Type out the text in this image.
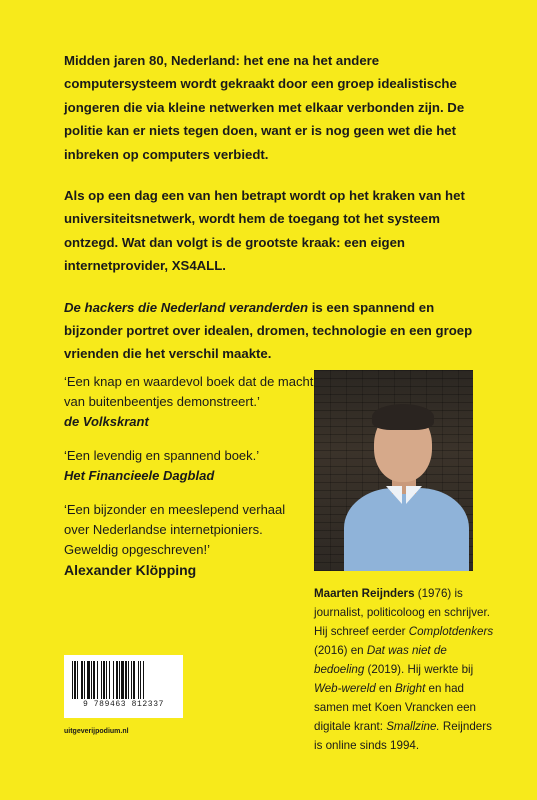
Midden jaren 80, Nederland: het ene na het andere computersysteem wordt gekraakt door een groep idealistische jongeren die via kleine netwerken met elkaar verbonden zijn. De politie kan er niets tegen doen, want er is nog geen wet die het inbreken op computers verbiedt.

Als op een dag een van hen betrapt wordt op het kraken van het universiteitsnetwerk, wordt hem de toegang tot het systeem ontzegd. Wat dan volgt is de grootste kraak: een eigen internetprovider, XS4ALL.

De hackers die Nederland veranderden is een spannend en bijzonder portret over idealen, dromen, technologie en een groep vrienden die het verschil maakte.

‘Een knap en waardevol boek dat de macht van buitenbeentjes demonstreert.’
de Volkskrant
‘Een levendig en spannend boek.’
Het Financieele Dagblad
‘Een bijzonder en meeslepend verhaal over Nederlandse internetpioniers. Geweldig opgeschreven!’
Alexander Klöpping
Maarten Reijnders (1976) is journalist, politicoloog en schrijver. Hij schreef eerder Complotdenkers (2016) en Dat was niet de bedoeling (2019). Hij werkte bij Web-wereld en Bright en had samen met Koen Vrancken een digitale krant: Smallzine. Reijnders is online sinds 1994.
9 789463 812337
uitgeverijpodium.nl
